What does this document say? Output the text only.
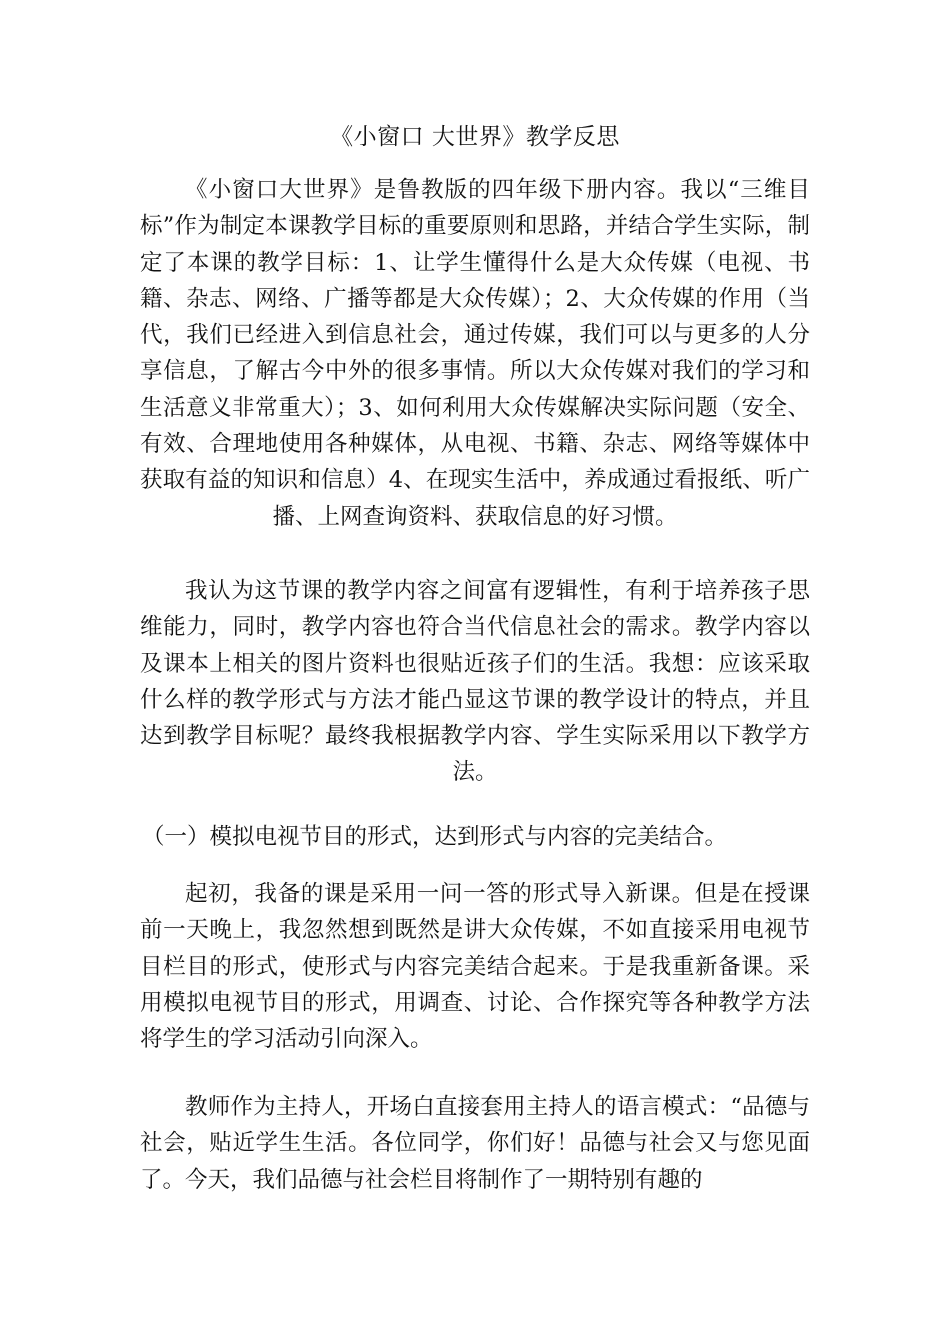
《小窗口 大世界》教学反思

《小窗口大世界》是鲁教版的四年级下册内容。我以“三维目标”作为制定本课教学目标的重要原则和思路，并结合学生实际，制定了本课的教学目标：1、让学生懂得什么是大众传媒（电视、书籍、杂志、网络、广播等都是大众传媒）；2、大众传媒的作用（当代，我们已经进入到信息社会，通过传媒，我们可以与更多的人分享信息，了解古今中外的很多事情。所以大众传媒对我们的学习和生活意义非常重大）；3、如何利用大众传媒解决实际问题（安全、有效、合理地使用各种媒体，从电视、书籍、杂志、网络等媒体中获取有益的知识和信息）4、在现实生活中，养成通过看报纸、听广播、上网查询资料、获取信息的好习惯。

我认为这节课的教学内容之间富有逻辑性，有利于培养孩子思维能力，同时，教学内容也符合当代信息社会的需求。教学内容以及课本上相关的图片资料也很贴近孩子们的生活。我想：应该采取什么样的教学形式与方法才能凸显这节课的教学设计的特点，并且达到教学目标呢？最终我根据教学内容、学生实际采用以下教学方法。

（一）模拟电视节目的形式，达到形式与内容的完美结合。

起初，我备的课是采用一问一答的形式导入新课。但是在授课前一天晚上，我忽然想到既然是讲大众传媒，不如直接采用电视节目栏目的形式，使形式与内容完美结合起来。于是我重新备课。采用模拟电视节目的形式，用调查、讨论、合作探究等各种教学方法将学生的学习活动引向深入。

教师作为主持人，开场白直接套用主持人的语言模式：“品德与社会，贴近学生生活。各位同学，你们好！品德与社会又与您见面了。今天，我们品德与社会栏目将制作了一期特别有趣的
